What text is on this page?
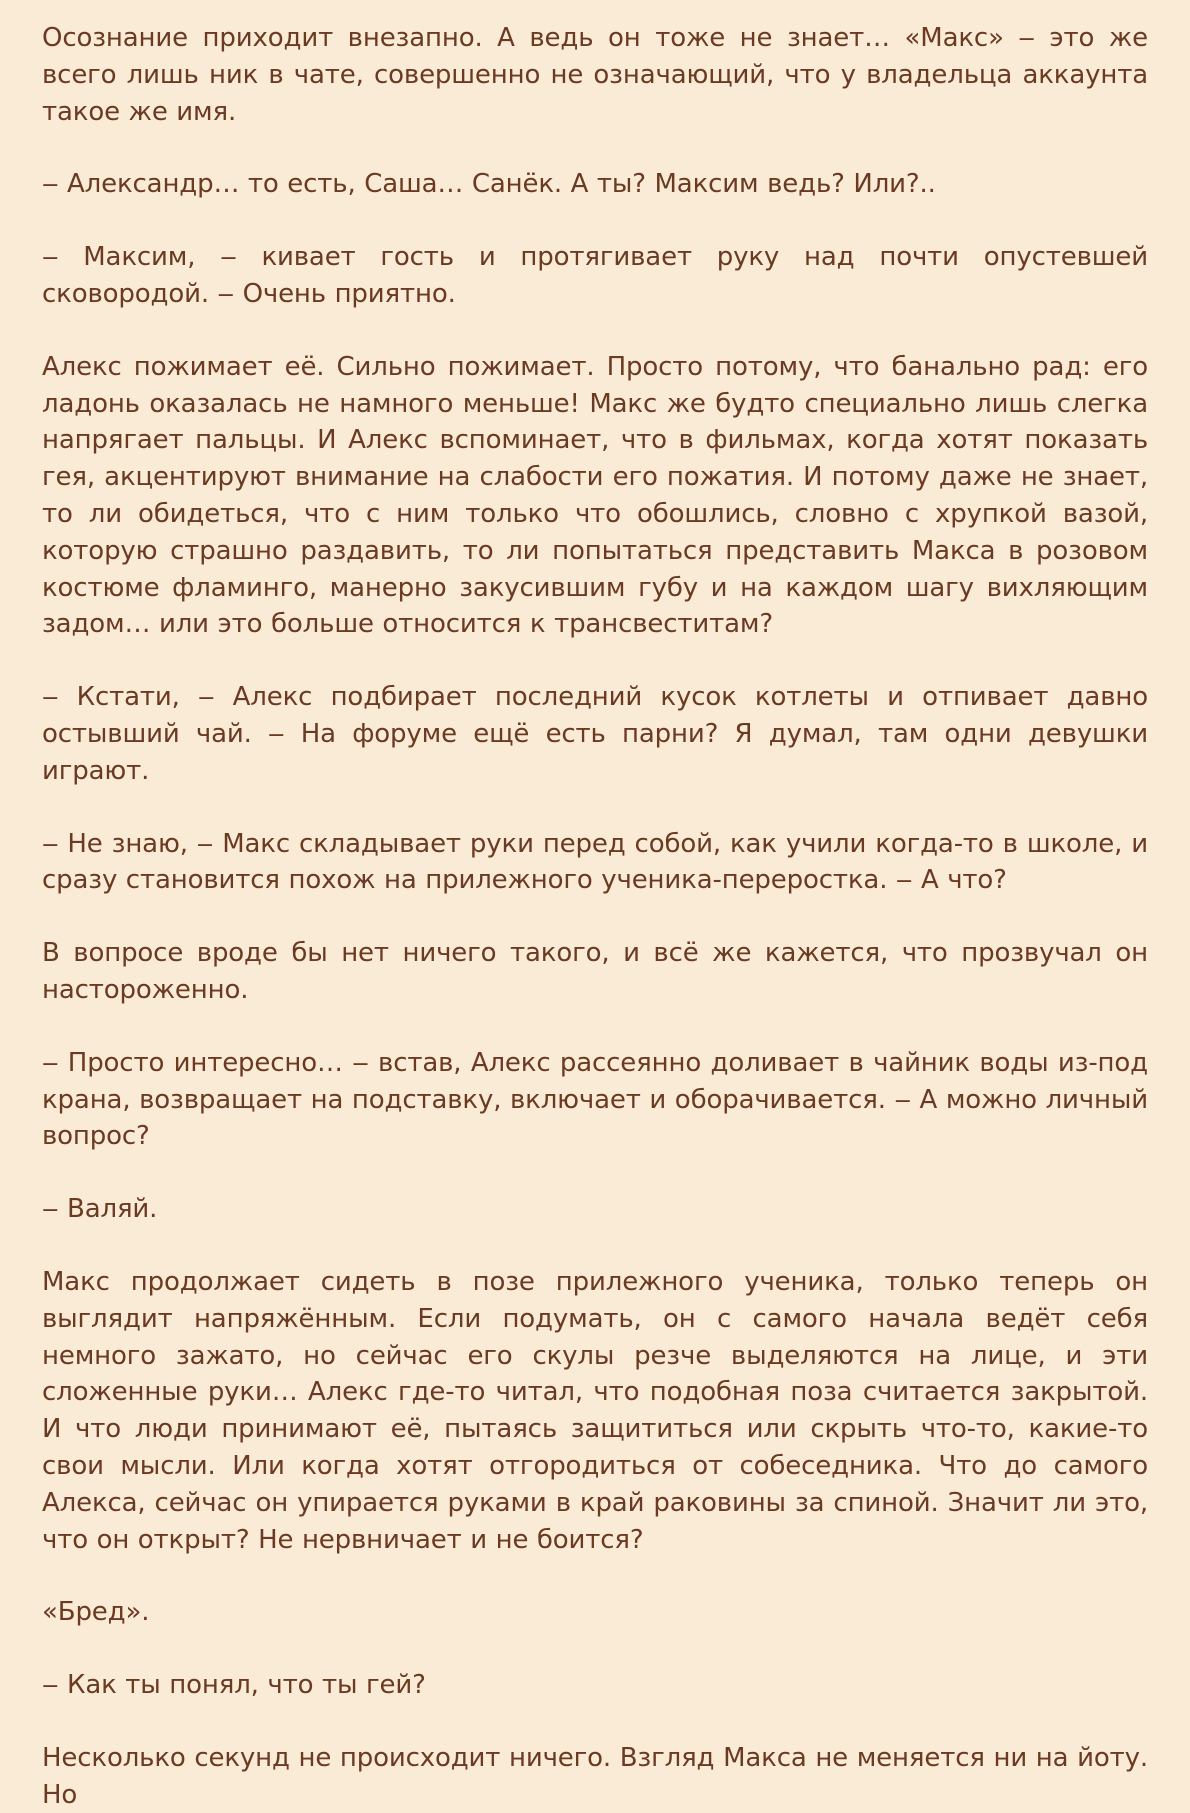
Осознание приходит внезапно. А ведь он тоже не знает… «Макс» ‒ это же всего лишь ник в чате, совершенно не означающий, что у владельца аккаунта такое же имя.

‒ Александр… то есть, Саша… Санёк. А ты? Максим ведь? Или?..

‒ Максим, ‒ кивает гость и протягивает руку над почти опустевшей сковородой. ‒ Очень приятно.

Алекс пожимает её. Сильно пожимает. Просто потому, что банально рад: его ладонь оказалась не намного меньше! Макс же будто специально лишь слегка напрягает пальцы. И Алекс вспоминает, что в фильмах, когда хотят показать гея, акцентируют внимание на слабости его пожатия. И потому даже не знает, то ли обидеться, что с ним только что обошлись, словно с хрупкой вазой, которую страшно раздавить, то ли попытаться представить Макса в розовом костюме фламинго, манерно закусившим губу и на каждом шагу вихляющим задом… или это больше относится к трансвеститам?

‒ Кстати, ‒ Алекс подбирает последний кусок котлеты и отпивает давно остывший чай. ‒ На форуме ещё есть парни? Я думал, там одни девушки играют.

‒ Не знаю, ‒ Макс складывает руки перед собой, как учили когда-то в школе, и сразу становится похож на прилежного ученика-переростка. ‒ А что?

В вопросе вроде бы нет ничего такого, и всё же кажется, что прозвучал он настороженно.

‒ Просто интересно… ‒ встав, Алекс рассеянно доливает в чайник воды из-под крана, возвращает на подставку, включает и оборачивается. ‒ А можно личный вопрос?

‒ Валяй.

Макс продолжает сидеть в позе прилежного ученика, только теперь он выглядит напряжённым. Если подумать, он с самого начала ведёт себя немного зажато, но сейчас его скулы резче выделяются на лице, и эти сложенные руки… Алекс где-то читал, что подобная поза считается закрытой. И что люди принимают её, пытаясь защититься или скрыть что-то, какие-то свои мысли. Или когда хотят отгородиться от собеседника. Что до самого Алекса, сейчас он упирается руками в край раковины за спиной. Значит ли это, что он открыт? Не нервничает и не боится?

«Бред».

‒ Как ты понял, что ты гей?

Несколько секунд не происходит ничего. Взгляд Макса не меняется ни на йоту. Но
